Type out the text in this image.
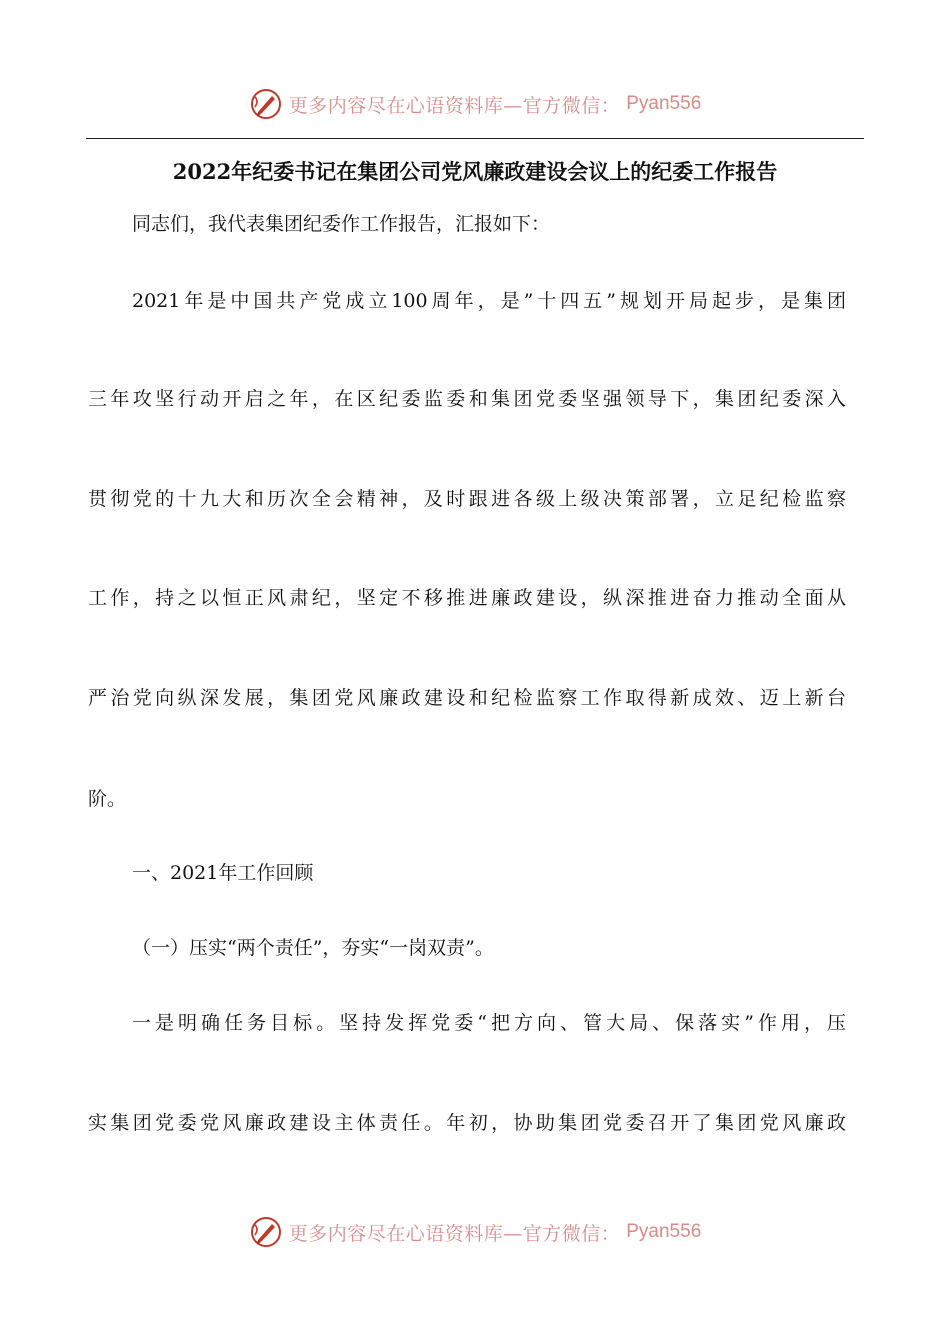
更多内容尽在心语资料库—官方微信： Pyan556
2022年纪委书记在集团公司党风廉政建设会议上的纪委工作报告
同志们，我代表集团纪委作工作报告，汇报如下：
2021年是中国共产党成立100周年，是”十四五”规划开局起步，是集团
三年攻坚行动开启之年，在区纪委监委和集团党委坚强领导下，集团纪委深入
贯彻党的十九大和历次全会精神，及时跟进各级上级决策部署，立足纪检监察
工作，持之以恒正风肃纪，坚定不移推进廉政建设，纵深推进奋力推动全面从
严治党向纵深发展，集团党风廉政建设和纪检监察工作取得新成效、迈上新台
阶。
一、2021年工作回顾
（一）压实“两个责任”，夯实“一岗双责”。
一是明确任务目标。坚持发挥党委“把方向、管大局、保落实”作用，压
实集团党委党风廉政建设主体责任。年初，协助集团党委召开了集团党风廉政
更多内容尽在心语资料库—官方微信： Pyan556
